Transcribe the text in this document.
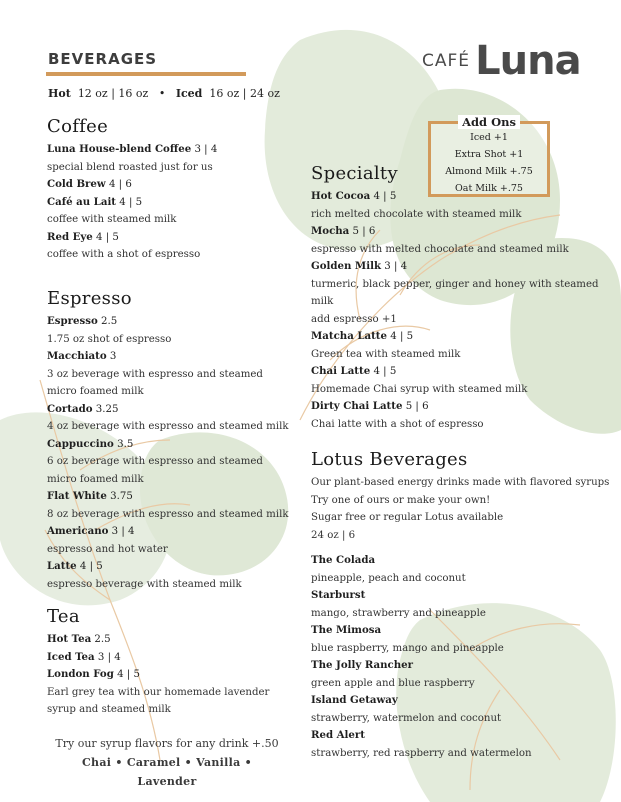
BEVERAGES
Hot 12 oz | 16 oz • Iced 16 oz | 24 oz
CAFÉ Luna
Add Ons
Iced +1
Extra Shot +1
Almond Milk +.75
Oat Milk +.75
Coffee
Luna House-blend Coffee 3 | 4
special blend roasted just for us
Cold Brew 4 | 6
Café au Lait 4 | 5
coffee with steamed milk
Red Eye 4 | 5
coffee with a shot of espresso
Espresso
Espresso 2.5
1.75 oz shot of espresso
Macchiato 3
3 oz beverage with espresso and steamed
micro foamed milk
Cortado 3.25
4 oz beverage with espresso and steamed milk
Cappuccino 3.5
6 oz beverage with espresso and steamed
micro foamed milk
Flat White 3.75
8 oz beverage with espresso and steamed milk
Americano 3 | 4
espresso and hot water
Latte 4 | 5
espresso beverage with steamed milk
Tea
Hot Tea 2.5
Iced Tea 3 | 4
London Fog 4 | 5
Earl grey tea with our homemade lavender
syrup and steamed milk
Specialty
Hot Cocoa 4 | 5
rich melted chocolate with steamed milk
Mocha 5 | 6
espresso with melted chocolate and steamed milk
Golden Milk 3 | 4
turmeric, black pepper, ginger and honey with steamed milk
add espresso +1
Matcha Latte 4 | 5
Green tea with steamed milk
Chai Latte 4 | 5
Homemade Chai syrup with steamed milk
Dirty Chai Latte 5 | 6
Chai latte with a shot of espresso
Lotus Beverages
Our plant-based energy drinks made with flavored syrups
Try one of ours or make your own!
Sugar free or regular Lotus available
24 oz | 6
The Colada
pineapple, peach and coconut
Starburst
mango, strawberry and pineapple
The Mimosa
blue raspberry, mango and pineapple
The Jolly Rancher
green apple and blue raspberry
Island Getaway
strawberry, watermelon and coconut
Red Alert
strawberry, red raspberry and watermelon
Try our syrup flavors for any drink +.50
Chai • Caramel • Vanilla • Lavender
